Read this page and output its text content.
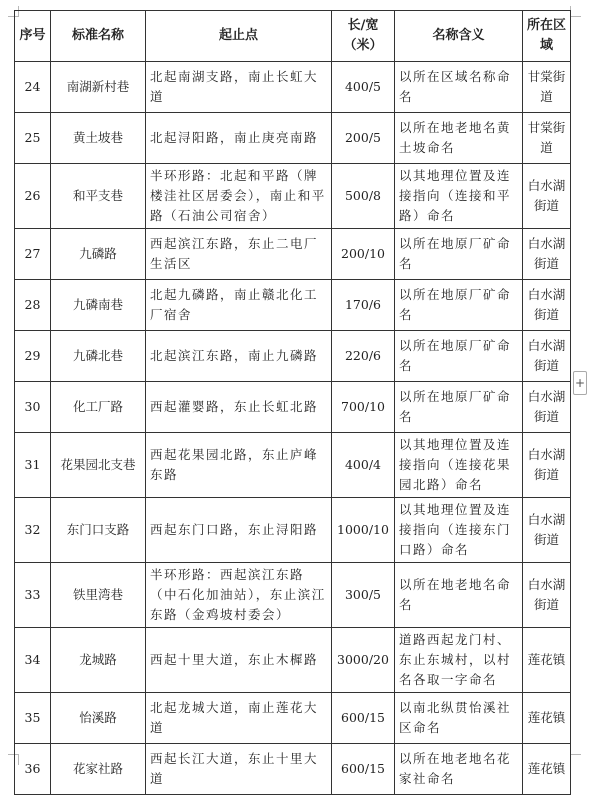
序号	标准名称	起止点	长/宽（米）	名称含义	所在区域
24	南湖新村巷	北起南湖支路，南止长虹大道	400/5	以所在区域名称命名	甘棠街道
25	黄土坡巷	北起浔阳路，南止庚亮南路	200/5	以所在地老地名黄土坡命名	甘棠街道
26	和平支巷	半环形路：北起和平路（牌楼洼社区居委会），南止和平路（石油公司宿舍）	500/8	以其地理位置及连接指向（连接和平路）命名	白水湖街道
27	九磷路	西起滨江东路，东止二电厂生活区	200/10	以所在地原厂矿命名	白水湖街道
28	九磷南巷	北起九磷路，南止赣北化工厂宿舍	170/6	以所在地原厂矿命名	白水湖街道
29	九磷北巷	北起滨江东路，南止九磷路	220/6	以所在地原厂矿命名	白水湖街道
30	化工厂路	西起灌婴路，东止长虹北路	700/10	以所在地原厂矿命名	白水湖街道
31	花果园北支巷	西起花果园北路，东止庐峰东路	400/4	以其地理位置及连接指向（连接花果园北路）命名	白水湖街道
32	东门口支路	西起东门口路，东止浔阳路	1000/10	以其地理位置及连接指向（连接东门口路）命名	白水湖街道
33	铁里湾巷	半环形路：西起滨江东路（中石化加油站），东止滨江东路（金鸡坡村委会）	300/5	以所在地老地名命名	白水湖街道
34	龙城路	西起十里大道，东止木樨路	3000/20	道路西起龙门村、东止东城村，以村名各取一字命名	莲花镇
35	怡溪路	北起龙城大道，南止莲花大道	600/15	以南北纵贯怡溪社区命名	莲花镇
36	花家社路	西起长江大道，东止十里大道	600/15	以所在地老地名花家社命名	莲花镇
+
